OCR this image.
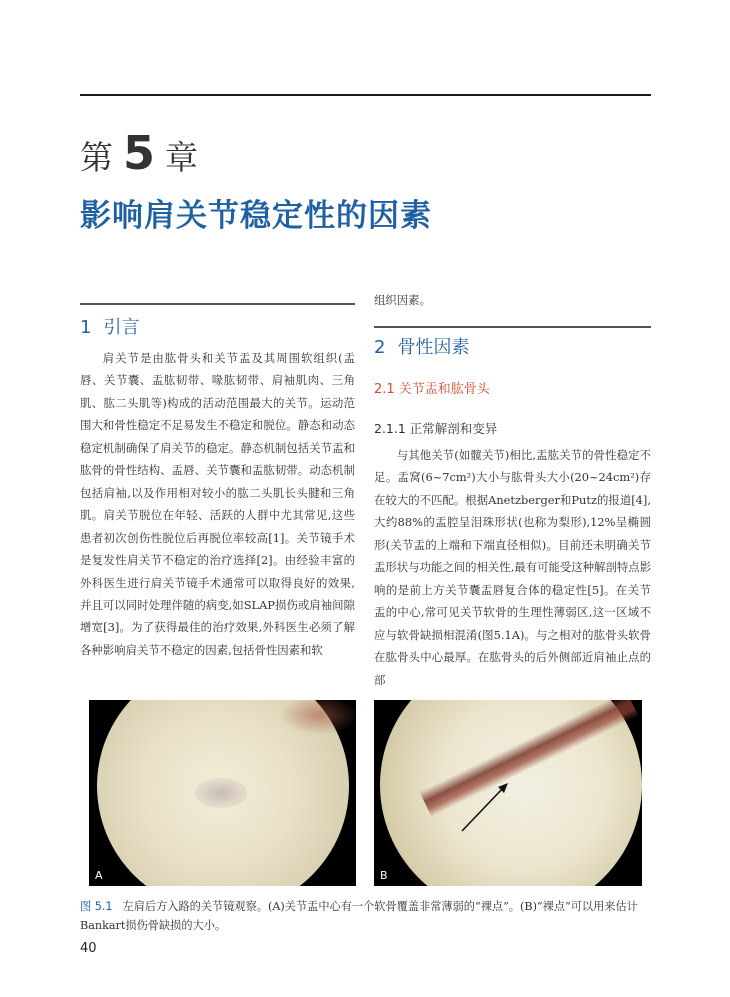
第 5 章
影响肩关节稳定性的因素
1 引言

肩关节是由肱骨头和关节盂及其周围软组织(盂唇、关节囊、盂肱韧带、喙肱韧带、肩袖肌肉、三角肌、肱二头肌等)构成的活动范围最大的关节。运动范围大和骨性稳定不足易发生不稳定和脱位。静态和动态稳定机制确保了肩关节的稳定。静态机制包括关节盂和肱骨的骨性结构、盂唇、关节囊和盂肱韧带。动态机制包括肩袖,以及作用相对较小的肱二头肌长头腱和三角肌。肩关节脱位在年轻、活跃的人群中尤其常见,这些患者初次创伤性脱位后再脱位率较高[1]。关节镜手术是复发性肩关节不稳定的治疗选择[2]。由经验丰富的外科医生进行肩关节镜手术通常可以取得良好的效果,并且可以同时处理伴随的病变,如SLAP损伤或肩袖间隙增宽[3]。为了获得最佳的治疗效果,外科医生必须了解各种影响肩关节不稳定的因素,包括骨性因素和软

组织因素。

2 骨性因素
2.1 关节盂和肱骨头
2.1.1 正常解剖和变异

与其他关节(如髋关节)相比,盂肱关节的骨性稳定不足。盂窝(6~7cm²)大小与肱骨头大小(20~24cm²)存在较大的不匹配。根据Anetzberger和Putz的报道[4],大约88%的盂腔呈泪珠形状(也称为梨形),12%呈椭圆形(关节盂的上端和下端直径相似)。目前还未明确关节盂形状与功能之间的相关性,最有可能受这种解剖特点影响的是前上方关节囊盂唇复合体的稳定性[5]。在关节盂的中心,常可见关节软骨的生理性薄弱区,这一区域不应与软骨缺损相混淆(图5.1A)。与之相对的肱骨头软骨在肱骨头中心最厚。在肱骨头的后外侧部近肩袖止点的部

A	B

图 5.1 左肩后方入路的关节镜观察。(A)关节盂中心有一个软骨覆盖非常薄弱的“裸点”。(B)“裸点”可以用来估计Bankart损伤骨缺损的大小。

40
